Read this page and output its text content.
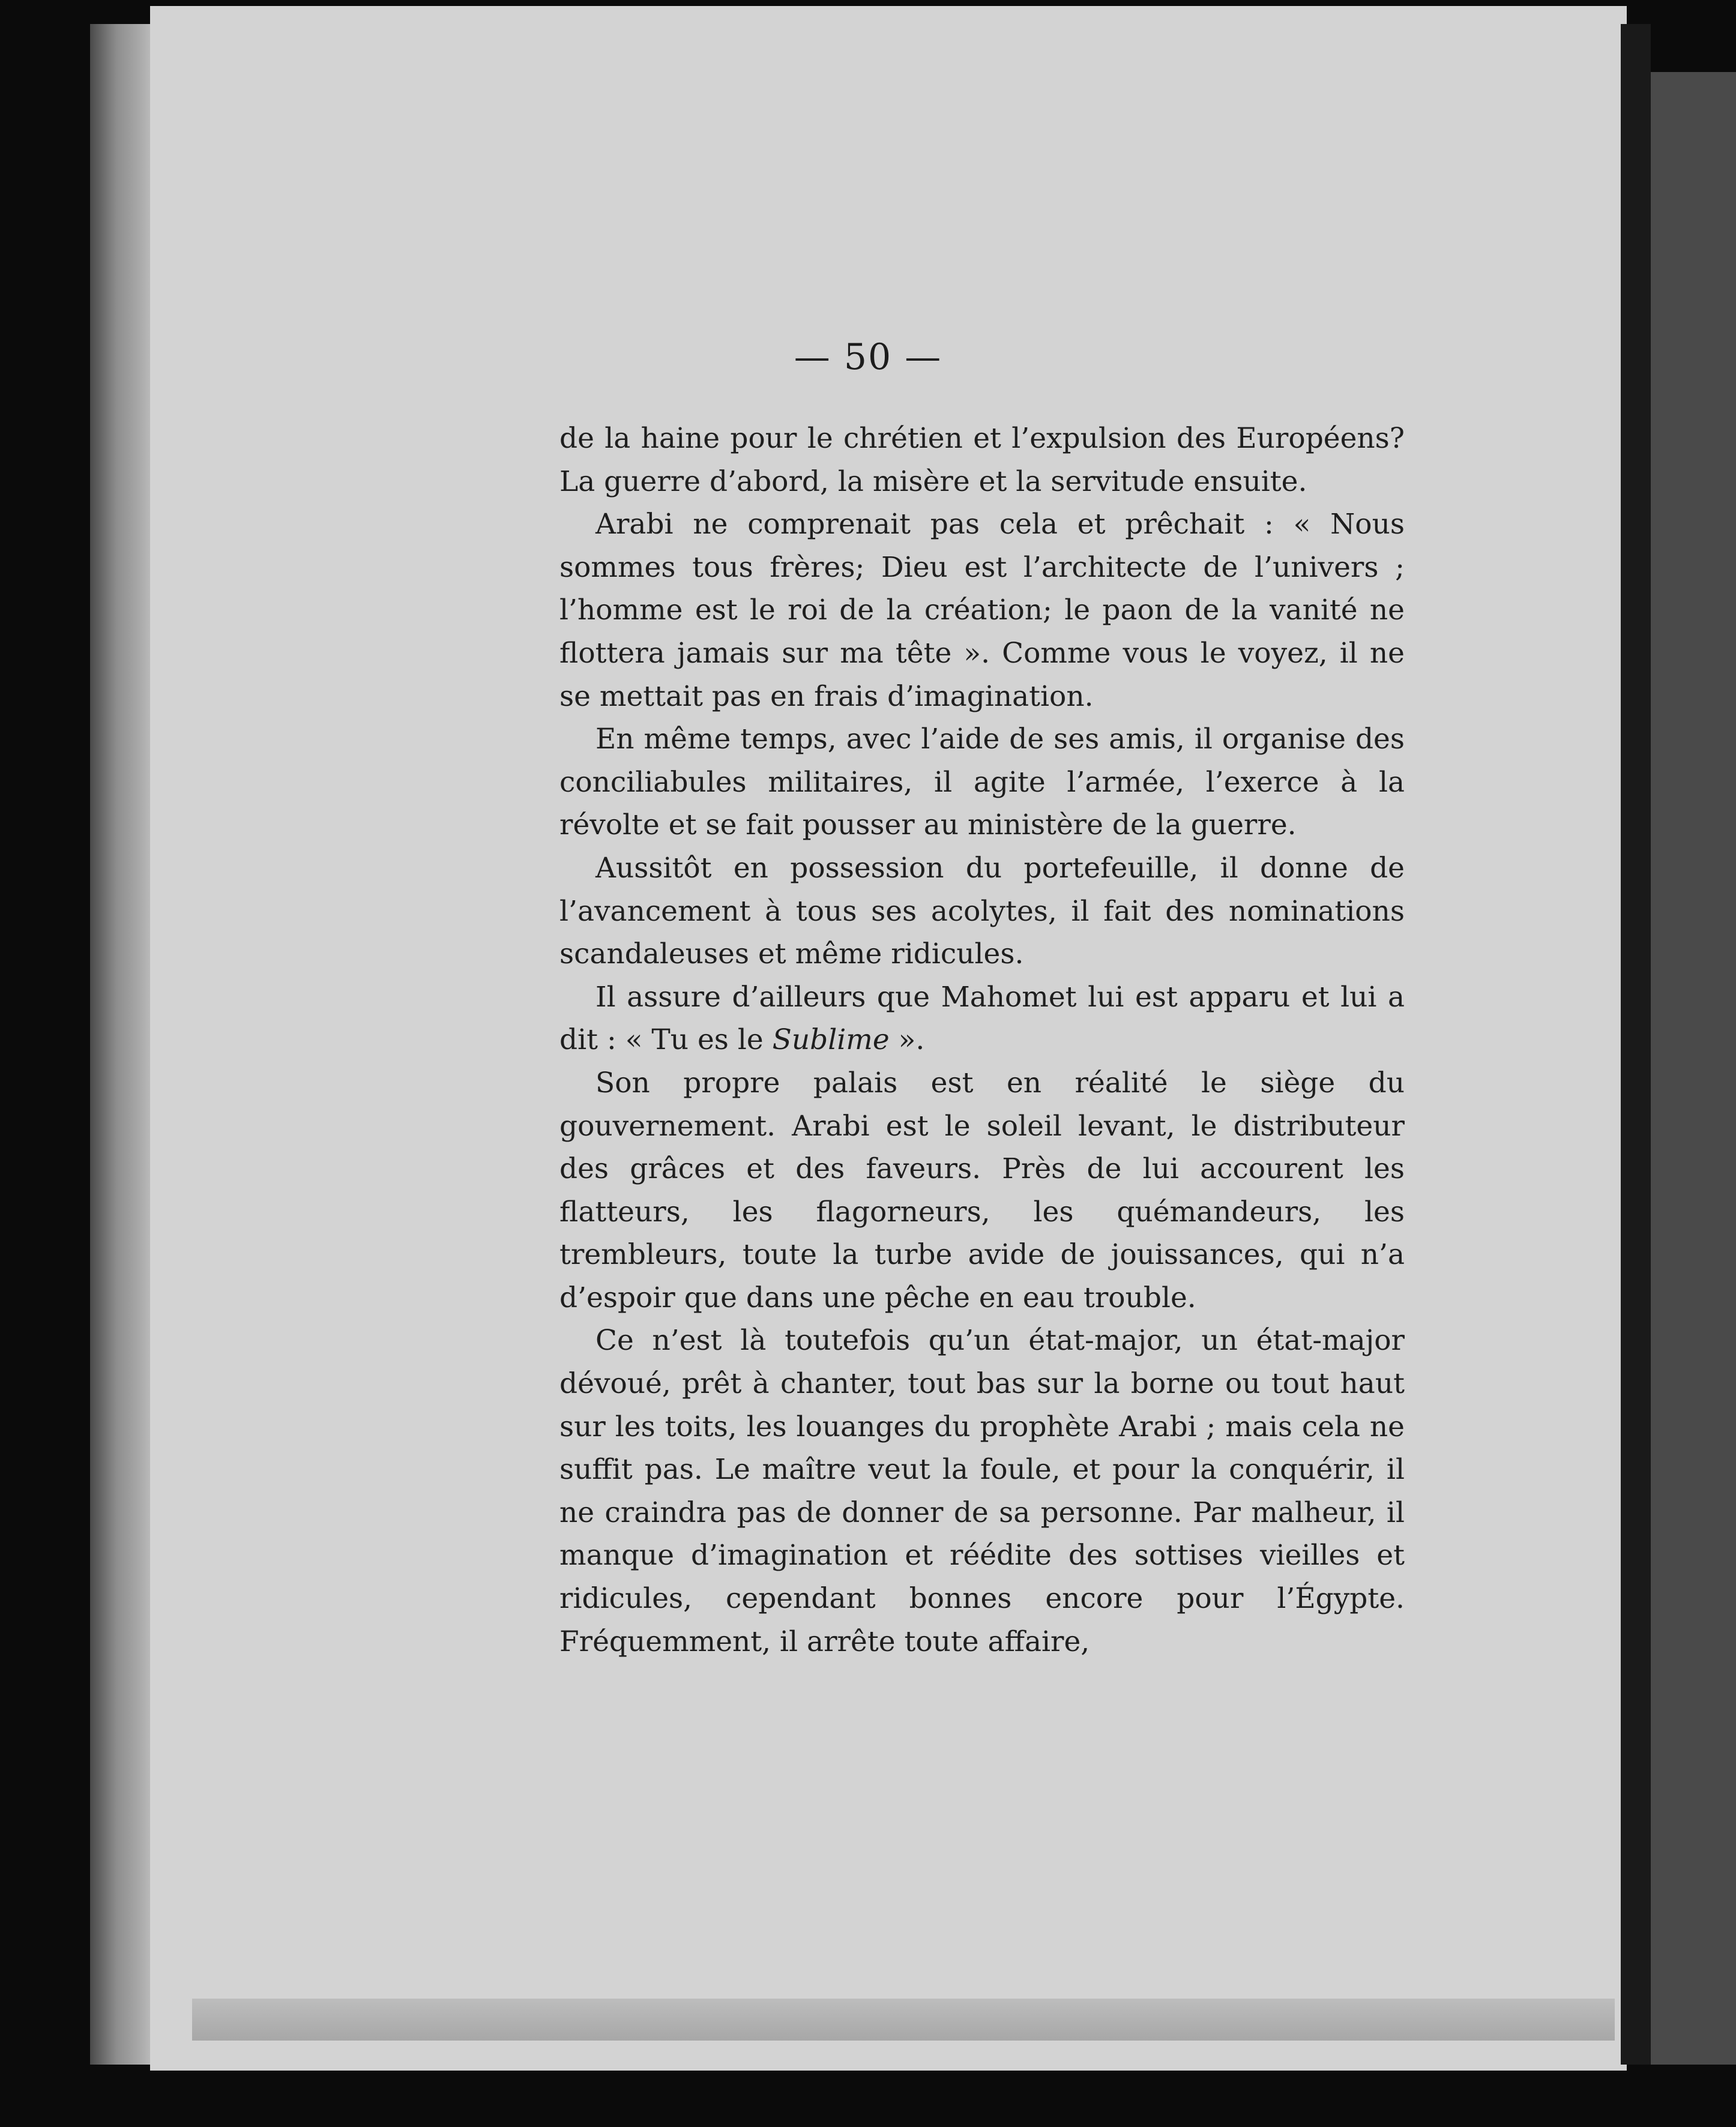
— 50 —

de la haine pour le chrétien et l’expulsion des Européens? La guerre d’abord, la misère et la servitude ensuite.

Arabi ne comprenait pas cela et prêchait : « Nous sommes tous frères; Dieu est l’architecte de l’univers ; l’homme est le roi de la création; le paon de la vanité ne flottera jamais sur ma tête ». Comme vous le voyez, il ne se mettait pas en frais d’imagination.

En même temps, avec l’aide de ses amis, il organise des conciliabules militaires, il agite l’armée, l’exerce à la révolte et se fait pousser au ministère de la guerre.

Aussitôt en possession du portefeuille, il donne de l’avancement à tous ses acolytes, il fait des nominations scandaleuses et même ridicules.

Il assure d’ailleurs que Mahomet lui est apparu et lui a dit : « Tu es le Sublime ».

Son propre palais est en réalité le siège du gouvernement. Arabi est le soleil levant, le distributeur des grâces et des faveurs. Près de lui accourent les flatteurs, les flagorneurs, les quémandeurs, les trembleurs, toute la turbe avide de jouissances, qui n’a d’espoir que dans une pêche en eau trouble.

Ce n’est là toutefois qu’un état-major, un état-major dévoué, prêt à chanter, tout bas sur la borne ou tout haut sur les toits, les louanges du prophète Arabi ; mais cela ne suffit pas. Le maître veut la foule, et pour la conquérir, il ne craindra pas de donner de sa personne. Par malheur, il manque d’imagination et réédite des sottises vieilles et ridicules, cependant bonnes encore pour l’Égypte. Fréquemment, il arrête toute affaire,
